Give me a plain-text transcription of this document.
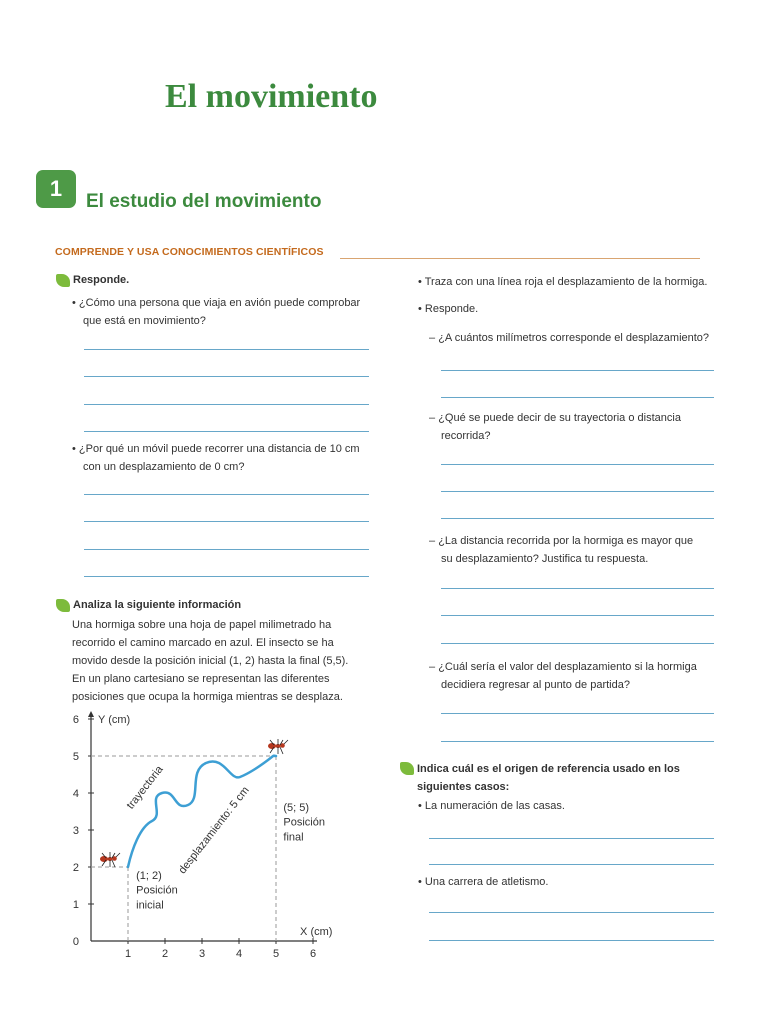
El movimiento
1
El estudio del movimiento
COMPRENDE Y USA CONOCIMIENTOS CIENTÍFICOS
Responde.
• ¿Cómo una persona que viaja en avión puede comprobar
que está en movimiento?
• ¿Por qué un móvil puede recorrer una distancia de 10 cm
con un desplazamiento de 0 cm?
Analiza la siguiente información
Una hormiga sobre una hoja de papel milimetrado ha
recorrido el camino marcado en azul. El insecto se ha
movido desde la posición inicial (1, 2) hasta la final (5,5).
En un plano cartesiano se representan las diferentes
posiciones que ocupa la hormiga mientras se desplaza.
1	2	3	4	5	6
0
1
2
3
4
5
6 Y (cm)
X (cm)
trayectoria desplazamiento: 5 cm
(1; 2)
Posición
inicial
(5; 5)
Posición
final
• Traza con una línea roja el desplazamiento de la hormiga.
• Responde.
– ¿A cuántos milímetros corresponde el desplazamiento?
– ¿Qué se puede decir de su trayectoria o distancia
recorrida?
– ¿La distancia recorrida por la hormiga es mayor que
su desplazamiento? Justifica tu respuesta.
– ¿Cuál sería el valor del desplazamiento si la hormiga
decidiera regresar al punto de partida?
Indica cuál es el origen de referencia usado en los
siguientes casos:
• La numeración de las casas.
• Una carrera de atletismo.
